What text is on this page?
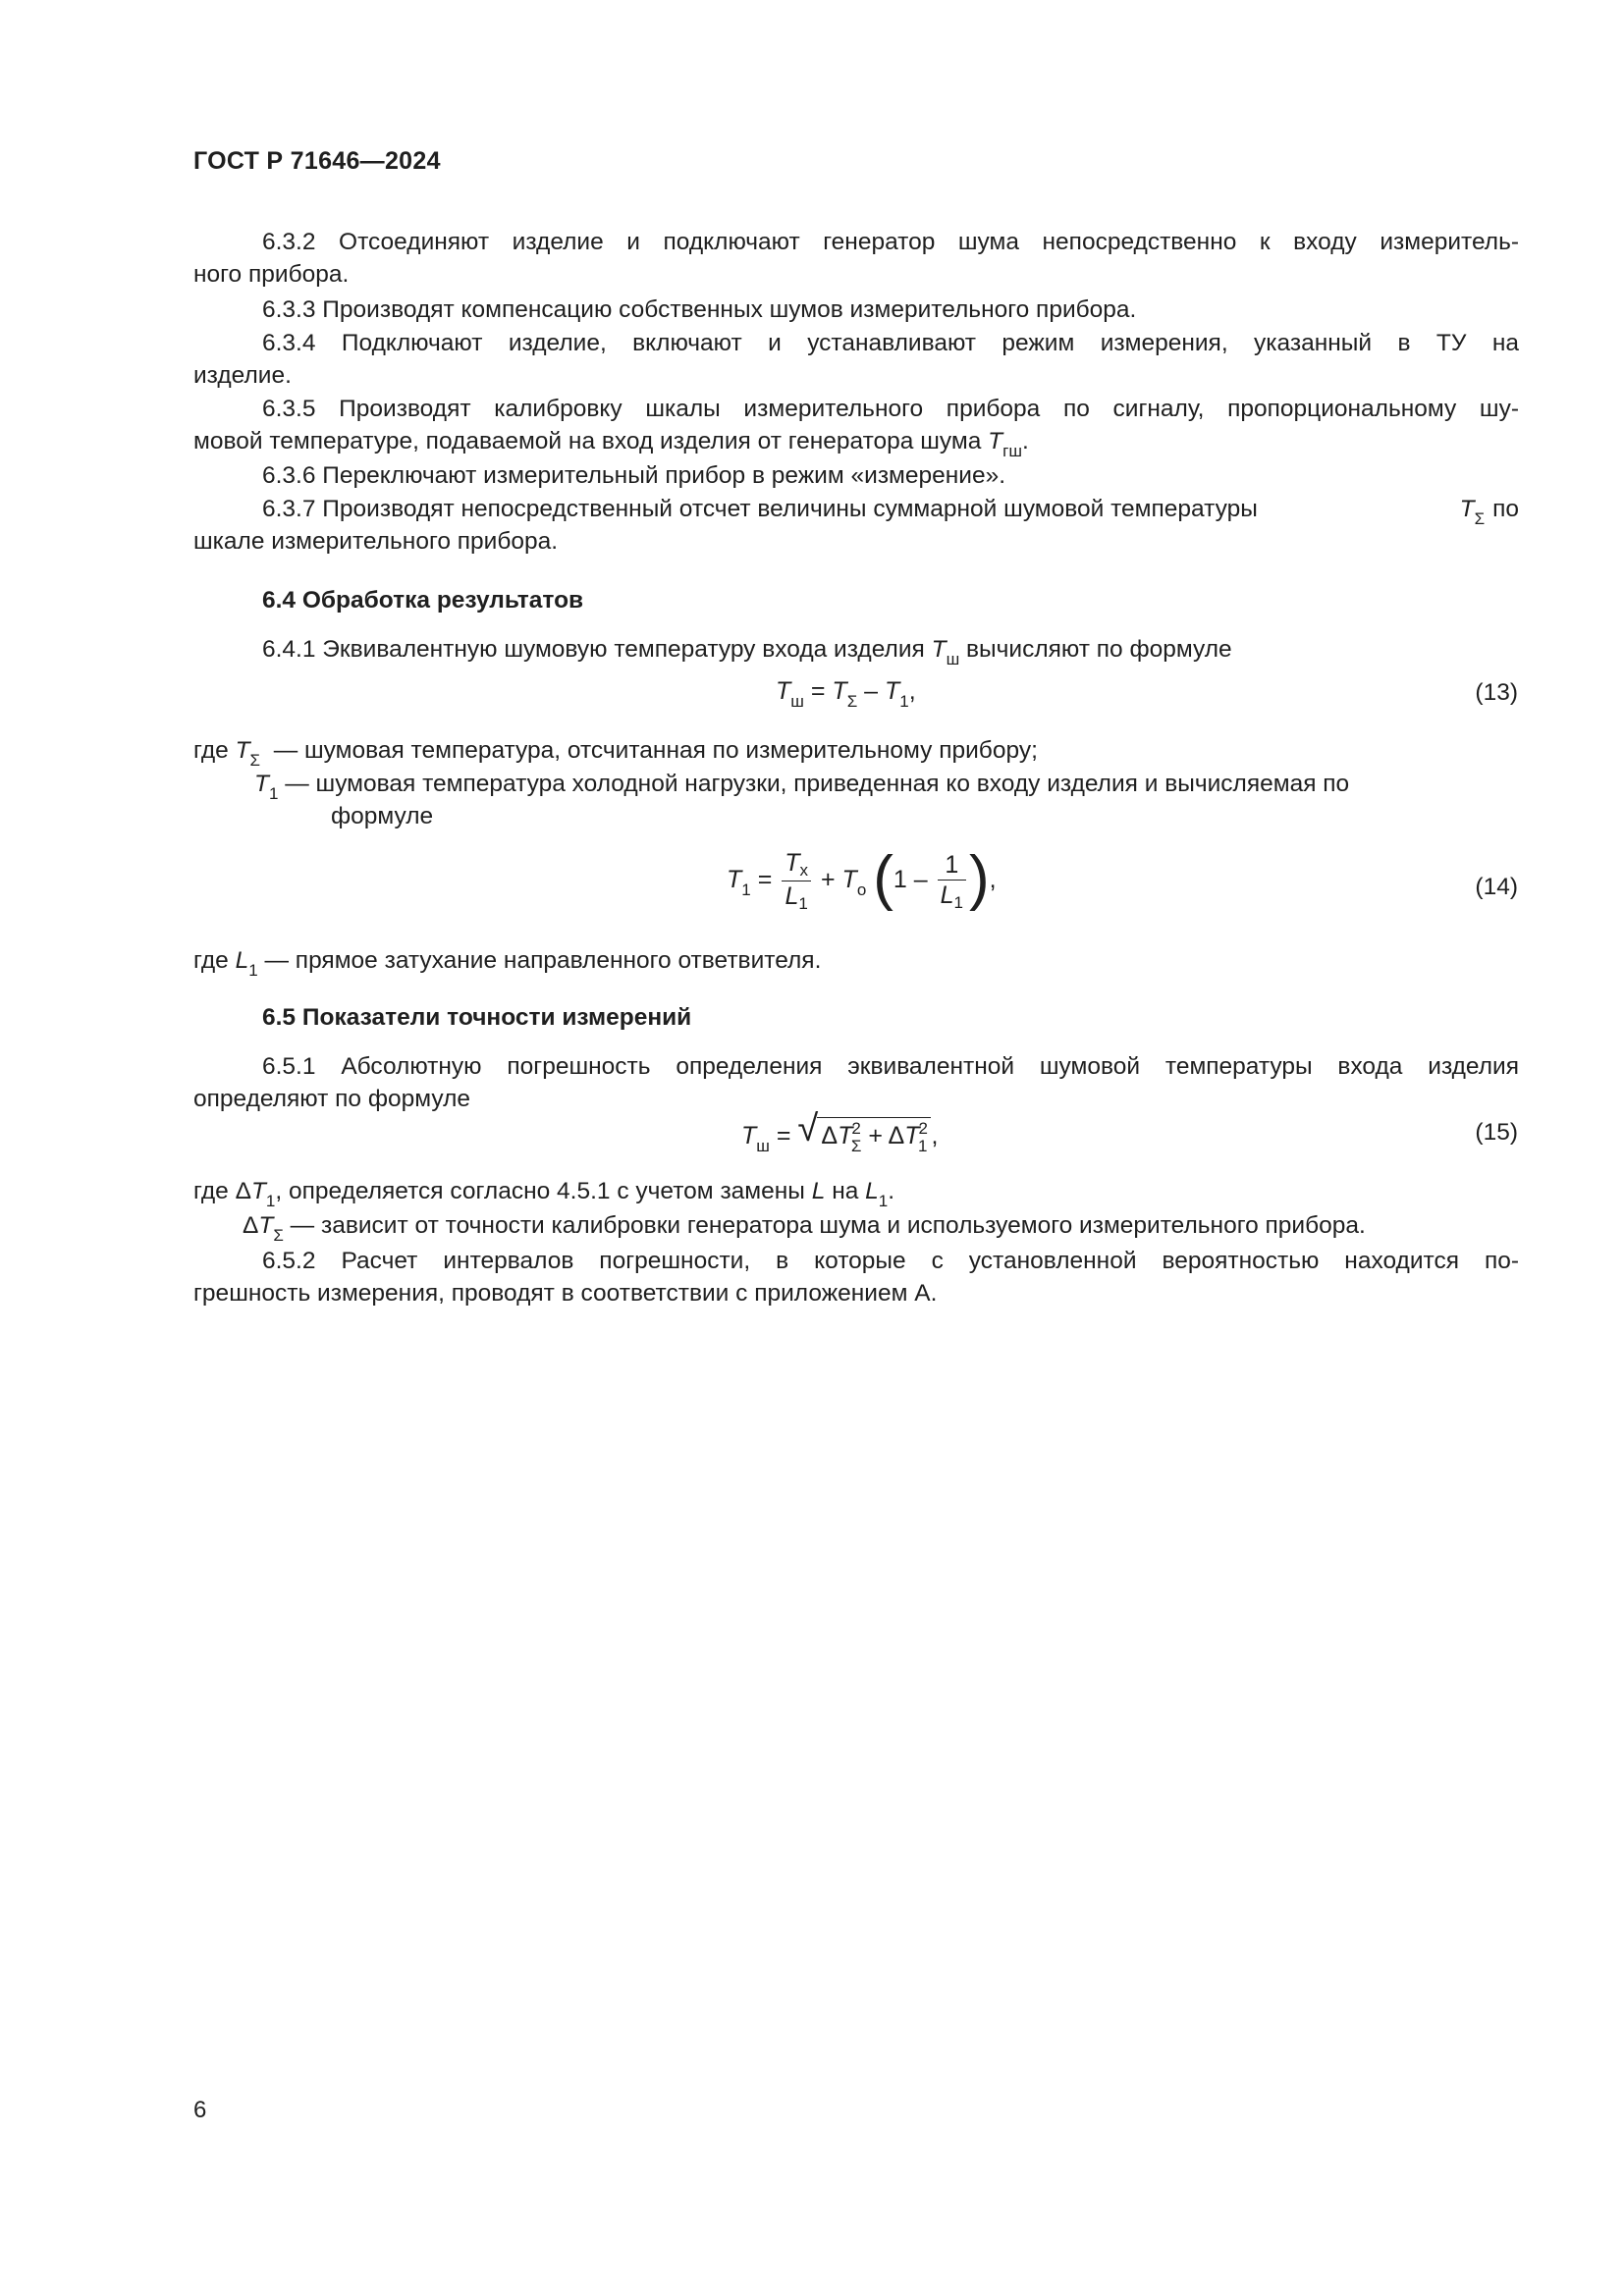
ГОСТ Р 71646—2024
6.3.2 Отсоединяют изделие и подключают генератор шума непосредственно к входу измеритель-
ного прибора.
6.3.3 Производят компенсацию собственных шумов измерительного прибора.
6.3.4 Подключают изделие, включают и устанавливают режим измерения, указанный в ТУ на
изделие.
6.3.5 Производят калибровку шкалы измерительного прибора по сигналу, пропорциональному шу-
мовой температуре, подаваемой на вход изделия от генератора шума $T_{гш}$.
6.3.6 Переключают измерительный прибор в режим «измерение».
6.3.7 Производят непосредственный отсчет величины суммарной шумовой температуры	$T_\Sigma$ по
шкале измерительного прибора.
6.4 Обработка результатов
6.4.1 Эквивалентную шумовую температуру входа изделия $T_ш$ вычисляют по формуле
$T_ш = T_\Sigma - T_1$,	(13)
где $T_\Sigma$ — шумовая температура, отсчитанная по измерительному прибору;
$T_1$ — шумовая температура холодной нагрузки, приведенная ко входу изделия и вычисляемая по
формуле
$T_1 = \frac{T_x}{L_1} + T_о$ ($1 - \frac{1}{L_1}$ ),	(14)
где $L_1$ — прямое затухание направленного ответвителя.
6.5 Показатели точности измерений
6.5.1 Абсолютную погрешность определения эквивалентной шумовой температуры входа изделия
определяют по формуле
$T_ш$ = √ $\Delta T^2_\Sigma + \Delta T^2_1$ ,	(15)
где $\Delta T_1$, определяется согласно 4.5.1 с учетом замены L на $L_1$.
$\Delta T_\Sigma$ — зависит от точности калибровки генератора шума и используемого измерительного прибора.
6.5.2 Расчет интервалов погрешности, в которые с установленной вероятностью находится по-
грешность измерения, проводят в соответствии с приложением А.
6
